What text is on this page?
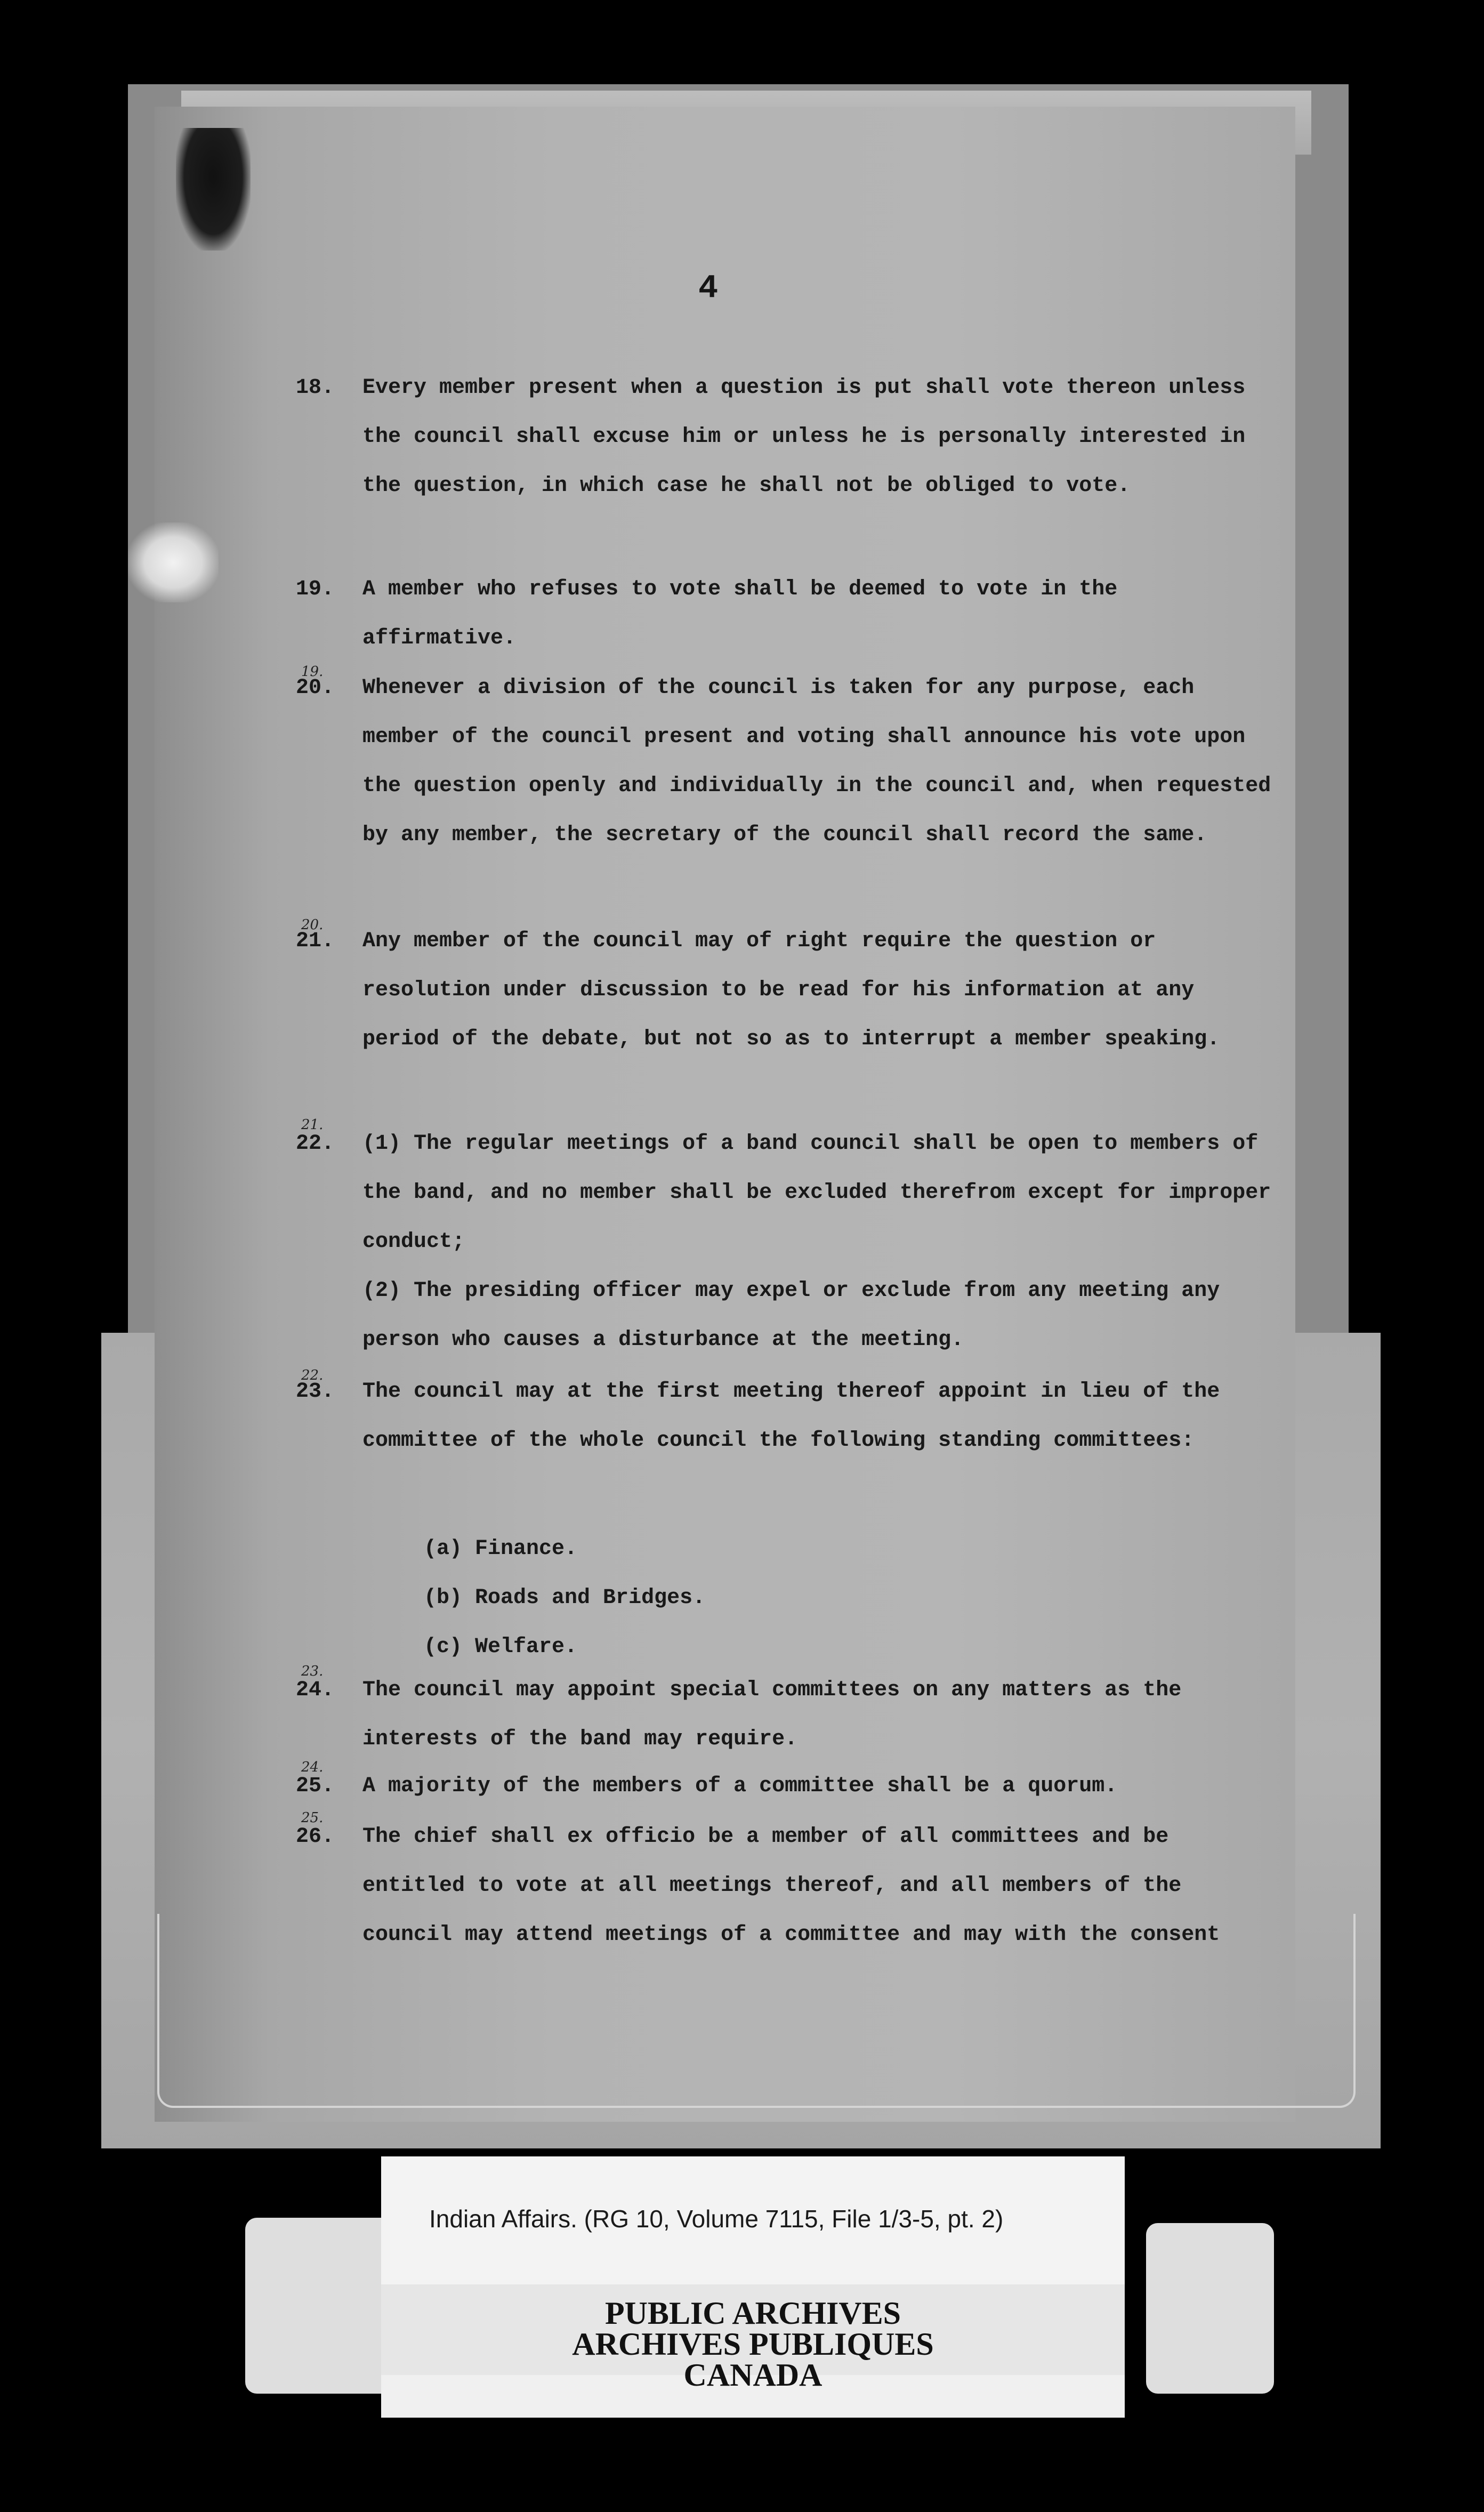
4
18.	Every member present when a question is put shall vote thereon unless the council shall excuse him or unless he is personally interested in the question, in which case he shall not be obliged to vote.
19.	A member who refuses to vote shall be deemed to vote in the affirmative.
19.
20.	Whenever a division of the council is taken for any purpose, each member of the council present and voting shall announce his vote upon the question openly and individually in the council and, when requested by any member, the secretary of the council shall record the same.
20.
21.	Any member of the council may of right require the question or resolution under discussion to be read for his information at any period of the debate, but not so as to interrupt a member speaking.
21.
22.	(1) The regular meetings of a band council shall be open to members of the band, and no member shall be excluded therefrom except for improper conduct;
(2) The presiding officer may expel or exclude from any meeting any person who causes a disturbance at the meeting.
22.
23.	The council may at the first meeting thereof appoint in lieu of the committee of the whole council the following standing committees:
(a) Finance.
(b) Roads and Bridges.
(c) Welfare.
23.
24.	The council may appoint special committees on any matters as the interests of the band may require.
24.
25.	A majority of the members of a committee shall be a quorum.
25.
26.	The chief shall ex officio be a member of all committees and be entitled to vote at all meetings thereof, and all members of the council may attend meetings of a committee and may with the consent
Indian Affairs. (RG 10, Volume 7115, File 1/3-5, pt. 2)
PUBLIC ARCHIVES
ARCHIVES PUBLIQUES
CANADA
